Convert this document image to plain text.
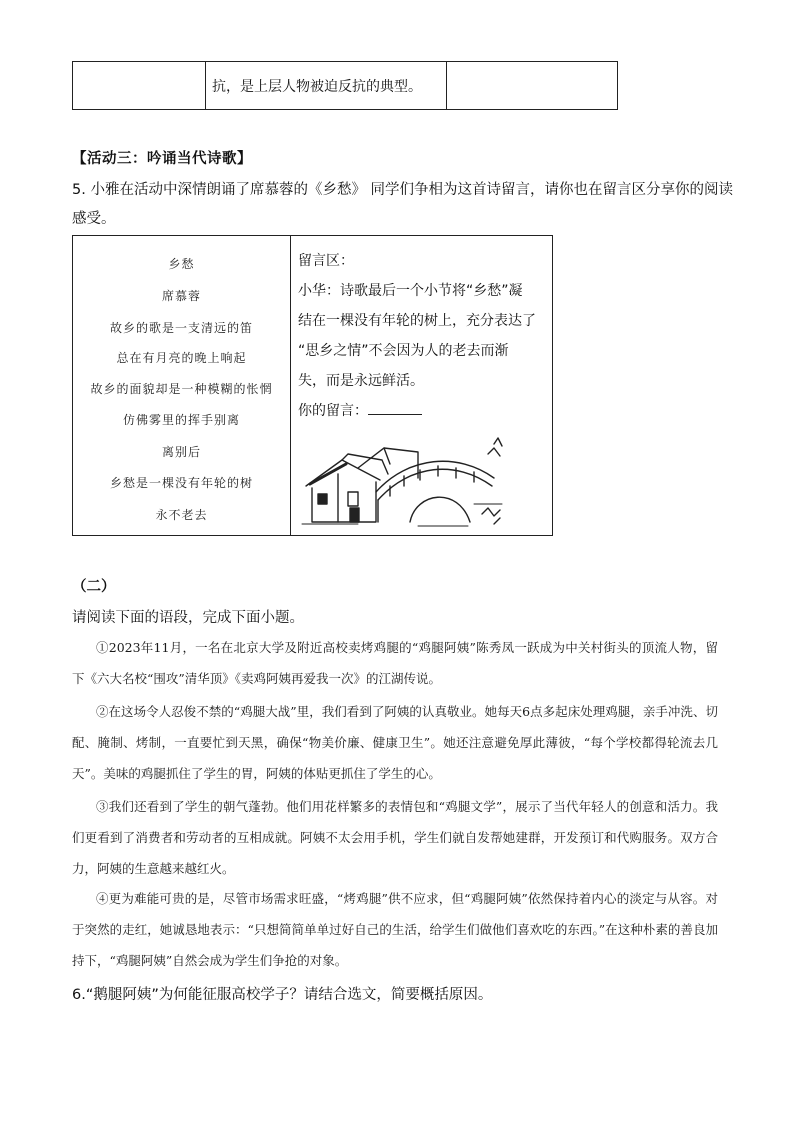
	抗，是上层人物被迫反抗的典型。	
【活动三：吟诵当代诗歌】
5. 小雅在活动中深情朗诵了席慕蓉的《乡愁》 同学们争相为这首诗留言，请你也在留言区分享你的阅读
感受。
乡愁
席慕蓉
故乡的歌是一支清远的笛
总在有月亮的晚上响起
故乡的面貌却是一种模糊的怅惘
仿佛雾里的挥手别离
离别后
乡愁是一棵没有年轮的树
永不老去

留言区：

小华：诗歌最后一个小节将“乡愁”凝

结在一棵没有年轮的树上，充分表达了

“思乡之情”不会因为人的老去而渐

失，而是永远鲜活。

你的留言：

（二）
请阅读下面的语段，完成下面小题。
①2023年11月，一名在北京大学及附近高校卖烤鸡腿的“鸡腿阿姨”陈秀凤一跃成为中关村街头的顶流人物，留下《六大名校“围攻”清华顶》《卖鸡阿姨再爱我一次》的江湖传说。
②在这场令人忍俊不禁的“鸡腿大战”里，我们看到了阿姨的认真敬业。她每天6点多起床处理鸡腿，亲手冲洗、切配、腌制、烤制，一直要忙到天黑，确保“物美价廉、健康卫生”。她还注意避免厚此薄彼，“每个学校都得轮流去几天”。美味的鸡腿抓住了学生的胃，阿姨的体贴更抓住了学生的心。
③我们还看到了学生的朝气蓬勃。他们用花样繁多的表情包和“鸡腿文学”，展示了当代年轻人的创意和活力。我们更看到了消费者和劳动者的互相成就。阿姨不太会用手机，学生们就自发帮她建群，开发预订和代购服务。双方合力，阿姨的生意越来越红火。
④更为难能可贵的是，尽管市场需求旺盛，“烤鸡腿”供不应求，但“鸡腿阿姨”依然保持着内心的淡定与从容。对于突然的走红，她诚恳地表示：“只想简简单单过好自己的生活，给学生们做他们喜欢吃的东西。”在这种朴素的善良加持下，“鸡腿阿姨”自然会成为学生们争抢的对象。
6.“鹅腿阿姨”为何能征服高校学子？请结合选文，简要概括原因。
